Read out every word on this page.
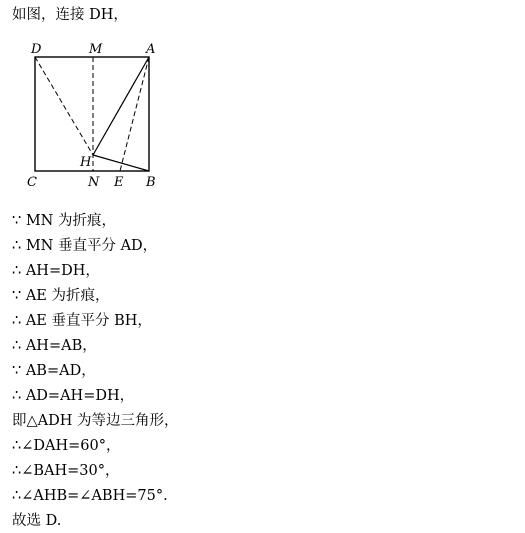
如图，连接 DH，
D	M	A
H
C	N E B
∵ MN 为折痕，
∴ MN 垂直平分 AD，
∴ AH=DH，
∵ AE 为折痕，
∴ AE 垂直平分 BH，
∴ AH=AB，
∵ AB=AD，
∴ AD=AH=DH，
即△ADH 为等边三角形，
∴∠DAH=60°，
∴∠BAH=30°，
∴∠AHB=∠ABH=75°.
故选 D.
